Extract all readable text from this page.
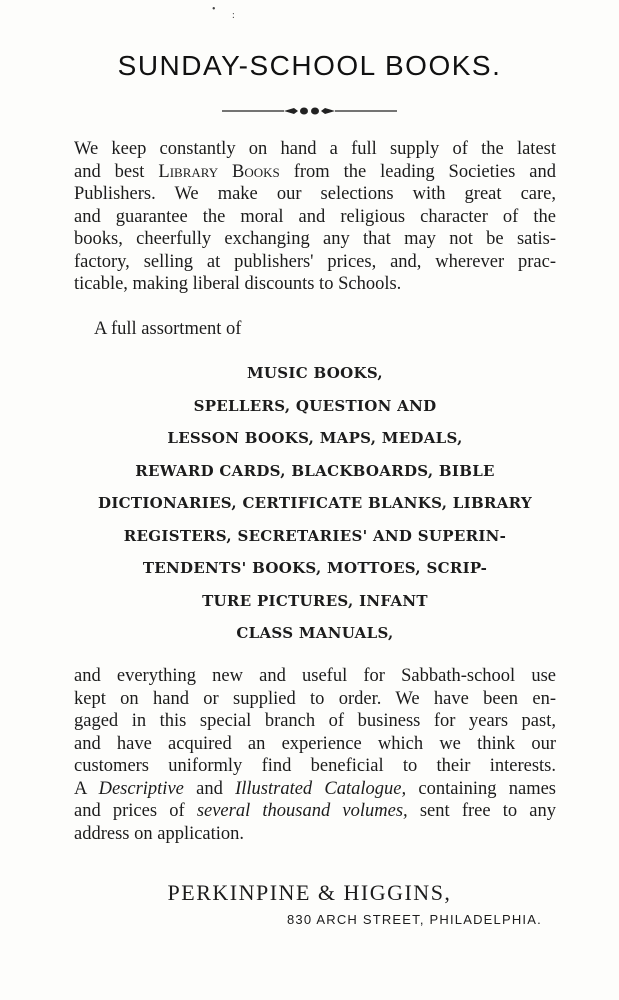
•
:
SUNDAY-SCHOOL BOOKS.
We keep constantly on hand a full supply of the latest
and best Library Books from the leading Societies and
Publishers. We make our selections with great care,
and guarantee the moral and religious character of the
books, cheerfully exchanging any that may not be satis-
factory, selling at publishers' prices, and, wherever prac-
ticable, making liberal discounts to Schools.
A full assortment of
MUSIC BOOKS,
SPELLERS, QUESTION AND
LESSON BOOKS, MAPS, MEDALS,
REWARD CARDS, BLACKBOARDS, BIBLE
DICTIONARIES, CERTIFICATE BLANKS, LIBRARY
REGISTERS, SECRETARIES' AND SUPERIN-
TENDENTS' BOOKS, MOTTOES, SCRIP-
TURE PICTURES, INFANT
CLASS MANUALS,
and everything new and useful for Sabbath-school use
kept on hand or supplied to order. We have been en-
gaged in this special branch of business for years past,
and have acquired an experience which we think our
customers uniformly find beneficial to their interests.
A Descriptive and Illustrated Catalogue, containing names
and prices of several thousand volumes, sent free to any
address on application.
PERKINPINE & HIGGINS,
830 ARCH STREET, PHILADELPHIA.
